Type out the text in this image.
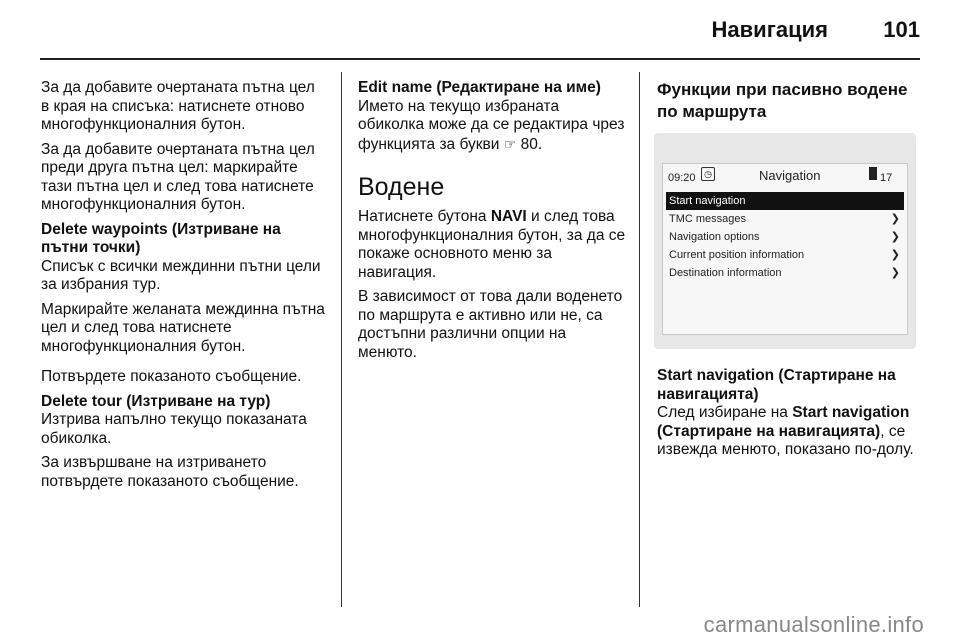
Навигация	101

За да добавите очертаната пътна цел в края на списъка: натиснете отново многофункционалния бутон.

За да добавите очертаната пътна цел преди друга пътна цел: маркирайте тази пътна цел и след това натиснете многофункционалния бутон.

Delete waypoints (Изтриване на пътни точки)

Списък с всички междинни пътни цели за избрания тур.

Маркирайте желаната междинна пътна цел и след това натиснете многофункционалния бутон.

Потвърдете показаното съобщение.

Delete tour (Изтриване на тур)

Изтрива напълно текущо показаната обиколка.

За извършване на изтриването потвърдете показаното съобщение.

Edit name (Редактиране на име)

Името на текущо избраната обиколка може да се редактира чрез функцията за букви ☞ 80.

Водене

Натиснете бутона NAVI и след това многофункционалния бутон, за да се покаже основното меню за навигация.

В зависимост от това дали воденето по маршрута е активно или не, са достъпни различни опции на менюто.

Функции при пасивно водене по маршрута
09:20 ◷	Navigation	17
Start navigation
TMC messages	❯
Navigation options	❯
Current position information	❯
Destination information	❯
Start navigation (Стартиране на навигацията)

След избиране на Start navigation (Стартиране на навигацията), се извежда менюто, показано по-долу.

carmanualsonline.info
